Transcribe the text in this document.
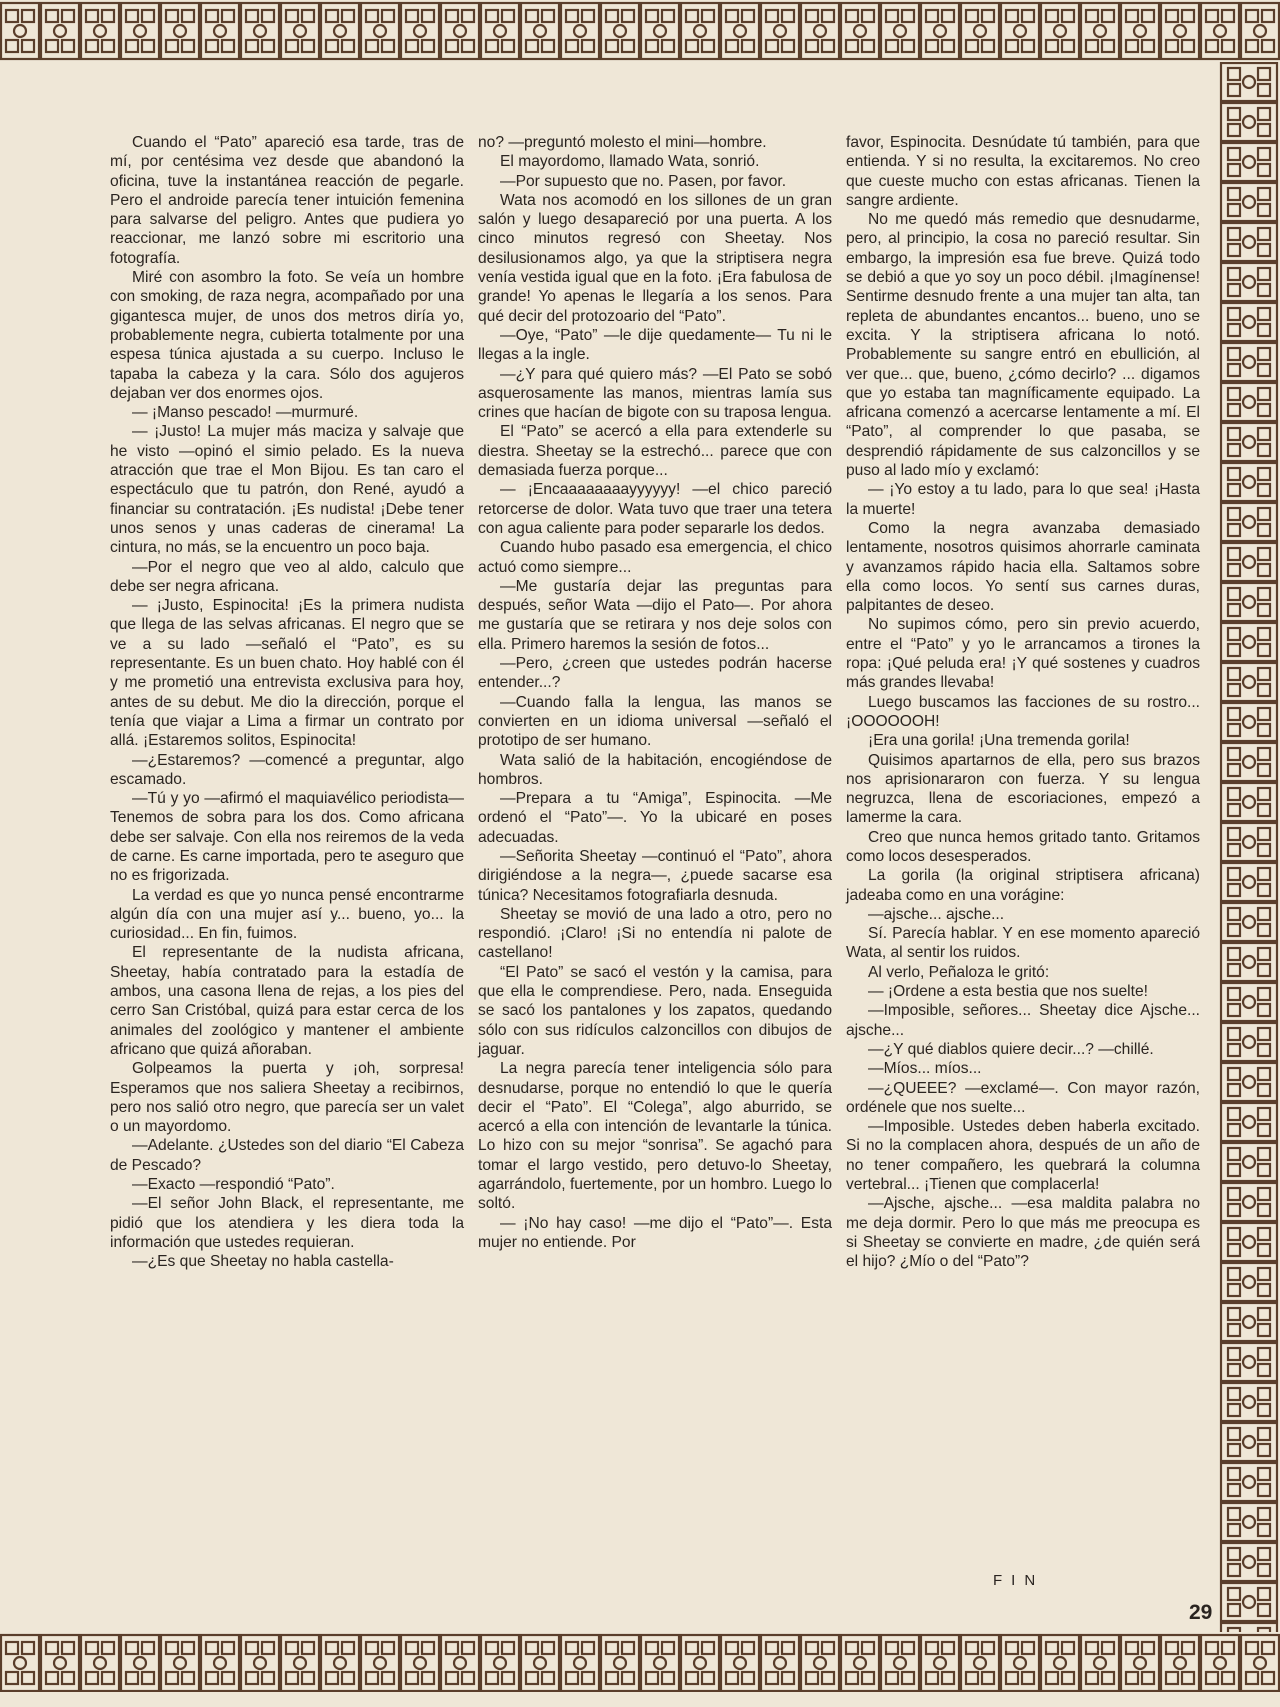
Cuando el “Pato” apareció esa tarde, tras de mí, por centésima vez desde que abandonó la oficina, tuve la instantánea reacción de pegarle. Pero el androide parecía tener intuición femenina para salvarse del peligro. Antes que pudiera yo reaccionar, me lanzó sobre mi escritorio una fotografía.

Miré con asombro la foto. Se veía un hombre con smoking, de raza negra, acompañado por una gigantesca mujer, de unos dos metros diría yo, probablemente negra, cubierta totalmente por una espesa túnica ajustada a su cuerpo. Incluso le tapaba la cabeza y la cara. Sólo dos agujeros dejaban ver dos enormes ojos.

— ¡Manso pescado! —murmuré.

— ¡Justo! La mujer más maciza y salvaje que he visto —opinó el simio pelado. Es la nueva atracción que trae el Mon Bijou. Es tan caro el espectáculo que tu patrón, don René, ayudó a financiar su contratación. ¡Es nudista! ¡Debe tener unos senos y unas caderas de cinerama! La cintura, no más, se la encuentro un poco baja.

—Por el negro que veo al aldo, calculo que debe ser negra africana.

— ¡Justo, Espinocita! ¡Es la primera nudista que llega de las selvas africanas. El negro que se ve a su lado —señaló el “Pato”, es su representante. Es un buen chato. Hoy hablé con él y me prometió una entrevista exclusiva para hoy, antes de su debut. Me dio la dirección, porque el tenía que viajar a Lima a firmar un contrato por allá. ¡Estaremos solitos, Espinocita!

—¿Estaremos? —comencé a preguntar, algo escamado.

—Tú y yo —afirmó el maquiavélico periodista— Tenemos de sobra para los dos. Como africana debe ser salvaje. Con ella nos reiremos de la veda de carne. Es carne importada, pero te aseguro que no es frigorizada.

La verdad es que yo nunca pensé encontrarme algún día con una mujer así y... bueno, yo... la curiosidad... En fin, fuimos.

El representante de la nudista africana, Sheetay, había contratado para la estadía de ambos, una casona llena de rejas, a los pies del cerro San Cristóbal, quizá para estar cerca de los animales del zoológico y mantener el ambiente africano que quizá añoraban.

Golpeamos la puerta y ¡oh, sorpresa! Esperamos que nos saliera Sheetay a recibirnos, pero nos salió otro negro, que parecía ser un valet o un mayordomo.

—Adelante. ¿Ustedes son del diario “El Cabeza de Pescado?

—Exacto —respondió “Pato”.

—El señor John Black, el representante, me pidió que los atendiera y les diera toda la información que ustedes requieran.

—¿Es que Sheetay no habla castella-

no? —preguntó molesto el mini—hombre.

El mayordomo, llamado Wata, sonrió.

—Por supuesto que no. Pasen, por favor.

Wata nos acomodó en los sillones de un gran salón y luego desapareció por una puerta. A los cinco minutos regresó con Sheetay. Nos desilusionamos algo, ya que la striptisera negra venía vestida igual que en la foto. ¡Era fabulosa de grande! Yo apenas le llegaría a los senos. Para qué decir del protozoario del “Pato”.

—Oye, “Pato” —le dije quedamente— Tu ni le llegas a la ingle.

—¿Y para qué quiero más? —El Pato se sobó asquerosamente las manos, mientras lamía sus crines que hacían de bigote con su traposa lengua.

El “Pato” se acercó a ella para extenderle su diestra. Sheetay se la estrechó... parece que con demasiada fuerza porque...

— ¡Encaaaaaaaayyyyyy! —el chico pareció retorcerse de dolor. Wata tuvo que traer una tetera con agua caliente para poder separarle los dedos.

Cuando hubo pasado esa emergencia, el chico actuó como siempre...

—Me gustaría dejar las preguntas para después, señor Wata —dijo el Pato—. Por ahora me gustaría que se retirara y nos deje solos con ella. Primero haremos la sesión de fotos...

—Pero, ¿creen que ustedes podrán hacerse entender...?

—Cuando falla la lengua, las manos se convierten en un idioma universal —señaló el prototipo de ser humano.

Wata salió de la habitación, encogiéndose de hombros.

—Prepara a tu “Amiga”, Espinocita. —Me ordenó el “Pato”—. Yo la ubicaré en poses adecuadas.

—Señorita Sheetay —continuó el “Pato”, ahora dirigiéndose a la negra—, ¿puede sacarse esa túnica? Necesitamos fotografiarla desnuda.

Sheetay se movió de una lado a otro, pero no respondió. ¡Claro! ¡Si no entendía ni palote de castellano!

“El Pato” se sacó el vestón y la camisa, para que ella le comprendiese. Pero, nada. Enseguida se sacó los pantalones y los zapatos, quedando sólo con sus ridículos calzoncillos con dibujos de jaguar.

La negra parecía tener inteligencia sólo para desnudarse, porque no entendió lo que le quería decir el “Pato”. El “Colega”, algo aburrido, se acercó a ella con intención de levantarle la túnica. Lo hizo con su mejor “sonrisa”. Se agachó para tomar el largo vestido, pero detuvo-lo Sheetay, agarrándolo, fuertemente, por un hombro. Luego lo soltó.

— ¡No hay caso! —me dijo el “Pato”—. Esta mujer no entiende. Por

favor, Espinocita. Desnúdate tú también, para que entienda. Y si no resulta, la excitaremos. No creo que cueste mucho con estas africanas. Tienen la sangre ardiente.

No me quedó más remedio que desnudarme, pero, al principio, la cosa no pareció resultar. Sin embargo, la impresión esa fue breve. Quizá todo se debió a que yo soy un poco débil. ¡Imagínense! Sentirme desnudo frente a una mujer tan alta, tan repleta de abundantes encantos... bueno, uno se excita. Y la striptisera africana lo notó. Probablemente su sangre entró en ebullición, al ver que... que, bueno, ¿cómo decirlo? ... digamos que yo estaba tan magníficamente equipado. La africana comenzó a acercarse lentamente a mí. El “Pato”, al comprender lo que pasaba, se desprendió rápidamente de sus calzoncillos y se puso al lado mío y exclamó:

— ¡Yo estoy a tu lado, para lo que sea! ¡Hasta la muerte!

Como la negra avanzaba demasiado lentamente, nosotros quisimos ahorrarle caminata y avanzamos rápido hacia ella. Saltamos sobre ella como locos. Yo sentí sus carnes duras, palpitantes de deseo.

No supimos cómo, pero sin previo acuerdo, entre el “Pato” y yo le arrancamos a tirones la ropa: ¡Qué peluda era! ¡Y qué sostenes y cuadros más grandes llevaba!

Luego buscamos las facciones de su rostro... ¡OOOOOOH!

¡Era una gorila! ¡Una tremenda gorila!

Quisimos apartarnos de ella, pero sus brazos nos aprisionararon con fuerza. Y su lengua negruzca, llena de escoriaciones, empezó a lamerme la cara.

Creo que nunca hemos gritado tanto. Gritamos como locos desesperados.

La gorila (la original striptisera africana) jadeaba como en una vorágine:

—ajsche... ajsche...

Sí. Parecía hablar. Y en ese momento apareció Wata, al sentir los ruidos.

Al verlo, Peñaloza le gritó:

— ¡Ordene a esta bestia que nos suelte!

—Imposible, señores... Sheetay dice Ajsche... ajsche...

—¿Y qué diablos quiere decir...? —chillé.

—Míos... míos...

—¿QUEEE? —exclamé—. Con mayor razón, ordénele que nos suelte...

—Imposible. Ustedes deben haberla excitado. Si no la complacen ahora, después de un año de no tener compañero, les quebrará la columna vertebral... ¡Tienen que complacerla!

—Ajsche, ajsche... —esa maldita palabra no me deja dormir. Pero lo que más me preocupa es si Sheetay se convierte en madre, ¿de quién será el hijo? ¿Mío o del “Pato”?

FIN
29
